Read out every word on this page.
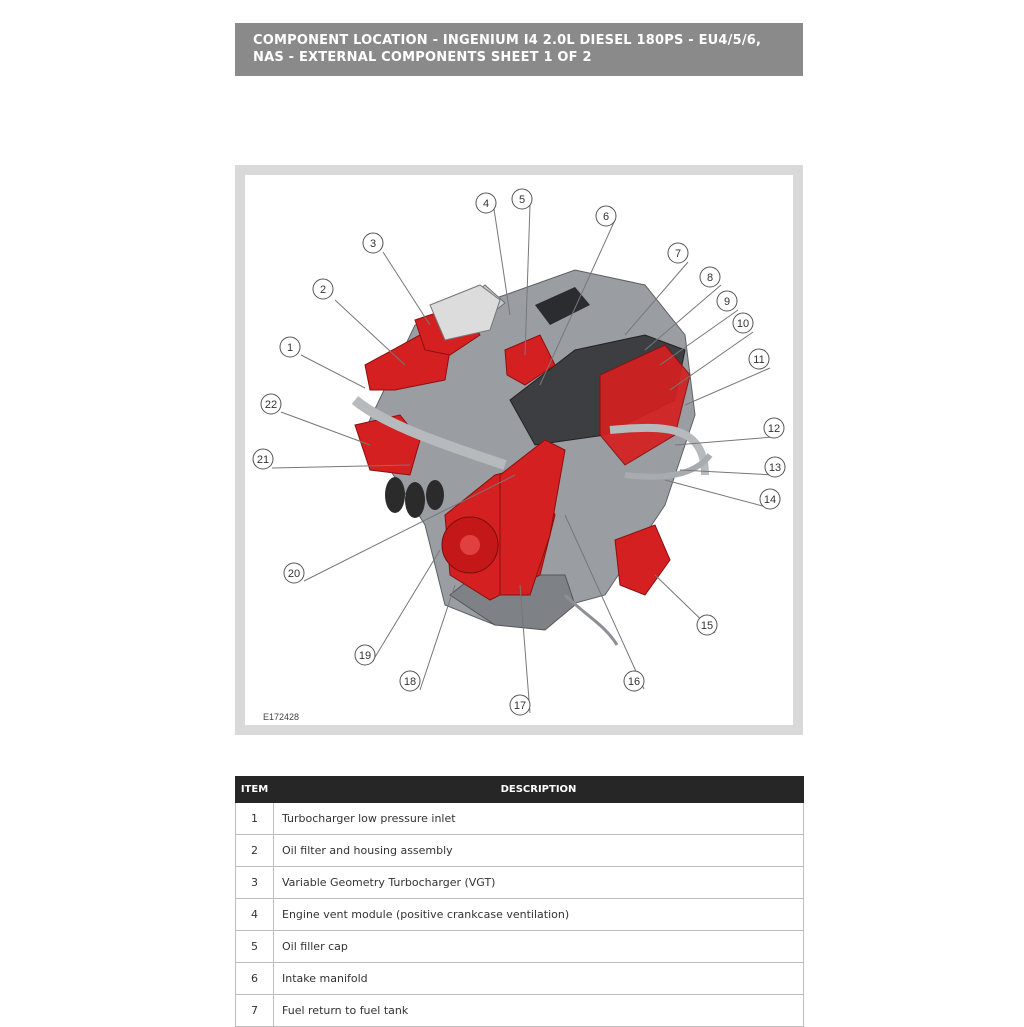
COMPONENT LOCATION - INGENIUM I4 2.0L DIESEL 180PS - EU4/5/6,
NAS - EXTERNAL COMPONENTS SHEET 1 OF 2
1
2
3
4	5
6
7
8
9
10
11
12
13
14
15
16
17
18
19
20
21
22
E172428
ITEM	DESCRIPTION
1	Turbocharger low pressure inlet
2	Oil filter and housing assembly
3	Variable Geometry Turbocharger (VGT)
4	Engine vent module (positive crankcase ventilation)
5	Oil filler cap
6	Intake manifold
7	Fuel return to fuel tank
